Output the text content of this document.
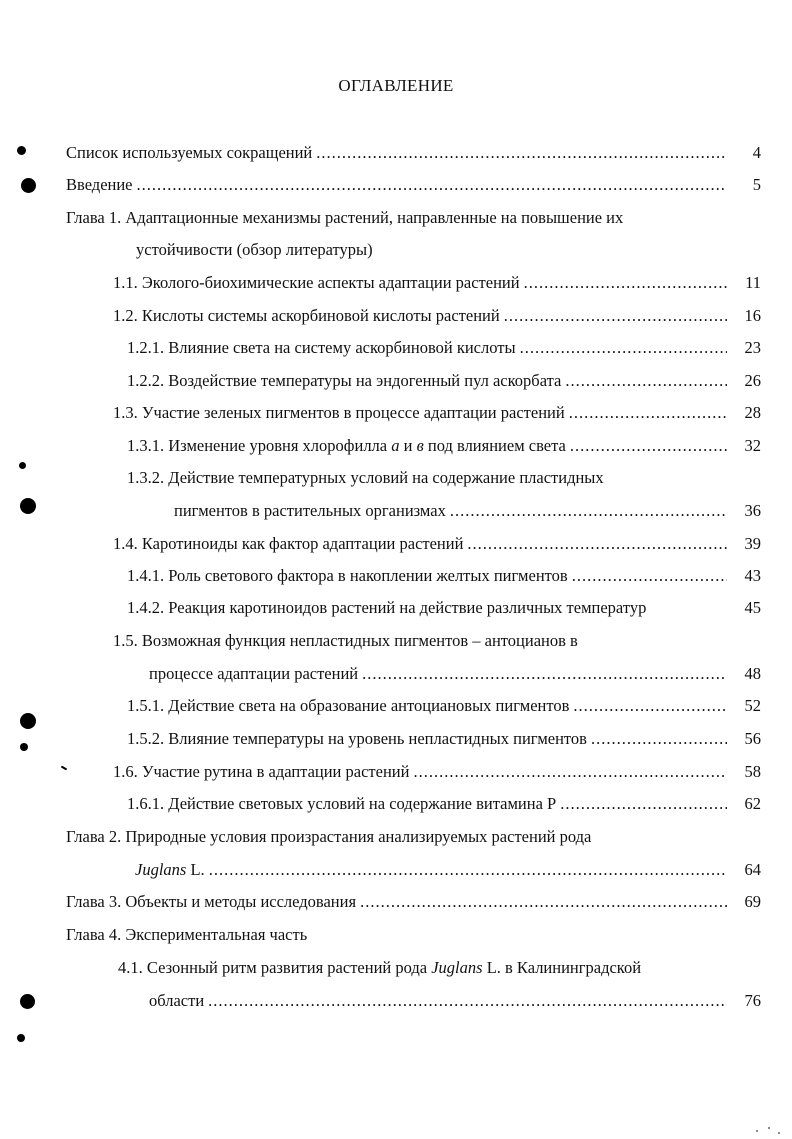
ОГЛАВЛЕНИЕ
Список используемых сокращений .....	4
Введение .....	5
Глава 1. Адаптационные механизмы растений, направленные на повышение их
устойчивости (обзор литературы)
1.1. Эколого-биохимические аспекты адаптации растений .....	11
1.2. Кислоты системы аскорбиновой кислоты растений .....	16
1.2.1. Влияние света на систему аскорбиновой кислоты .....	23
1.2.2. Воздействие температуры на эндогенный пул аскорбата .....	26
1.3. Участие зеленых пигментов в процессе адаптации растений .....	28
1.3.1. Изменение уровня хлорофилла а и в под влиянием света .....	32
1.3.2. Действие температурных условий на содержание пластидных
пигментов в растительных организмах .....	36
1.4. Каротиноиды как фактор адаптации растений .....	39
1.4.1. Роль светового фактора в накоплении желтых пигментов .....	43
1.4.2. Реакция каротиноидов растений на действие различных температур	45
1.5. Возможная функция непластидных пигментов – антоцианов в
процессе адаптации растений .....	48
1.5.1. Действие света на образование антоциановых пигментов .....	52
1.5.2. Влияние температуры на уровень непластидных пигментов .....	56
1.6. Участие рутина в адаптации растений .....	58
1.6.1. Действие световых условий на содержание витамина Р .....	62
Глава 2. Природные условия произрастания анализируемых растений рода
Juglans L. .....	64
Глава 3. Объекты и методы исследования .....	69
Глава 4. Экспериментальная часть
4.1. Сезонный ритм развития растений рода Juglans L. в Калининградской
области .....	76
